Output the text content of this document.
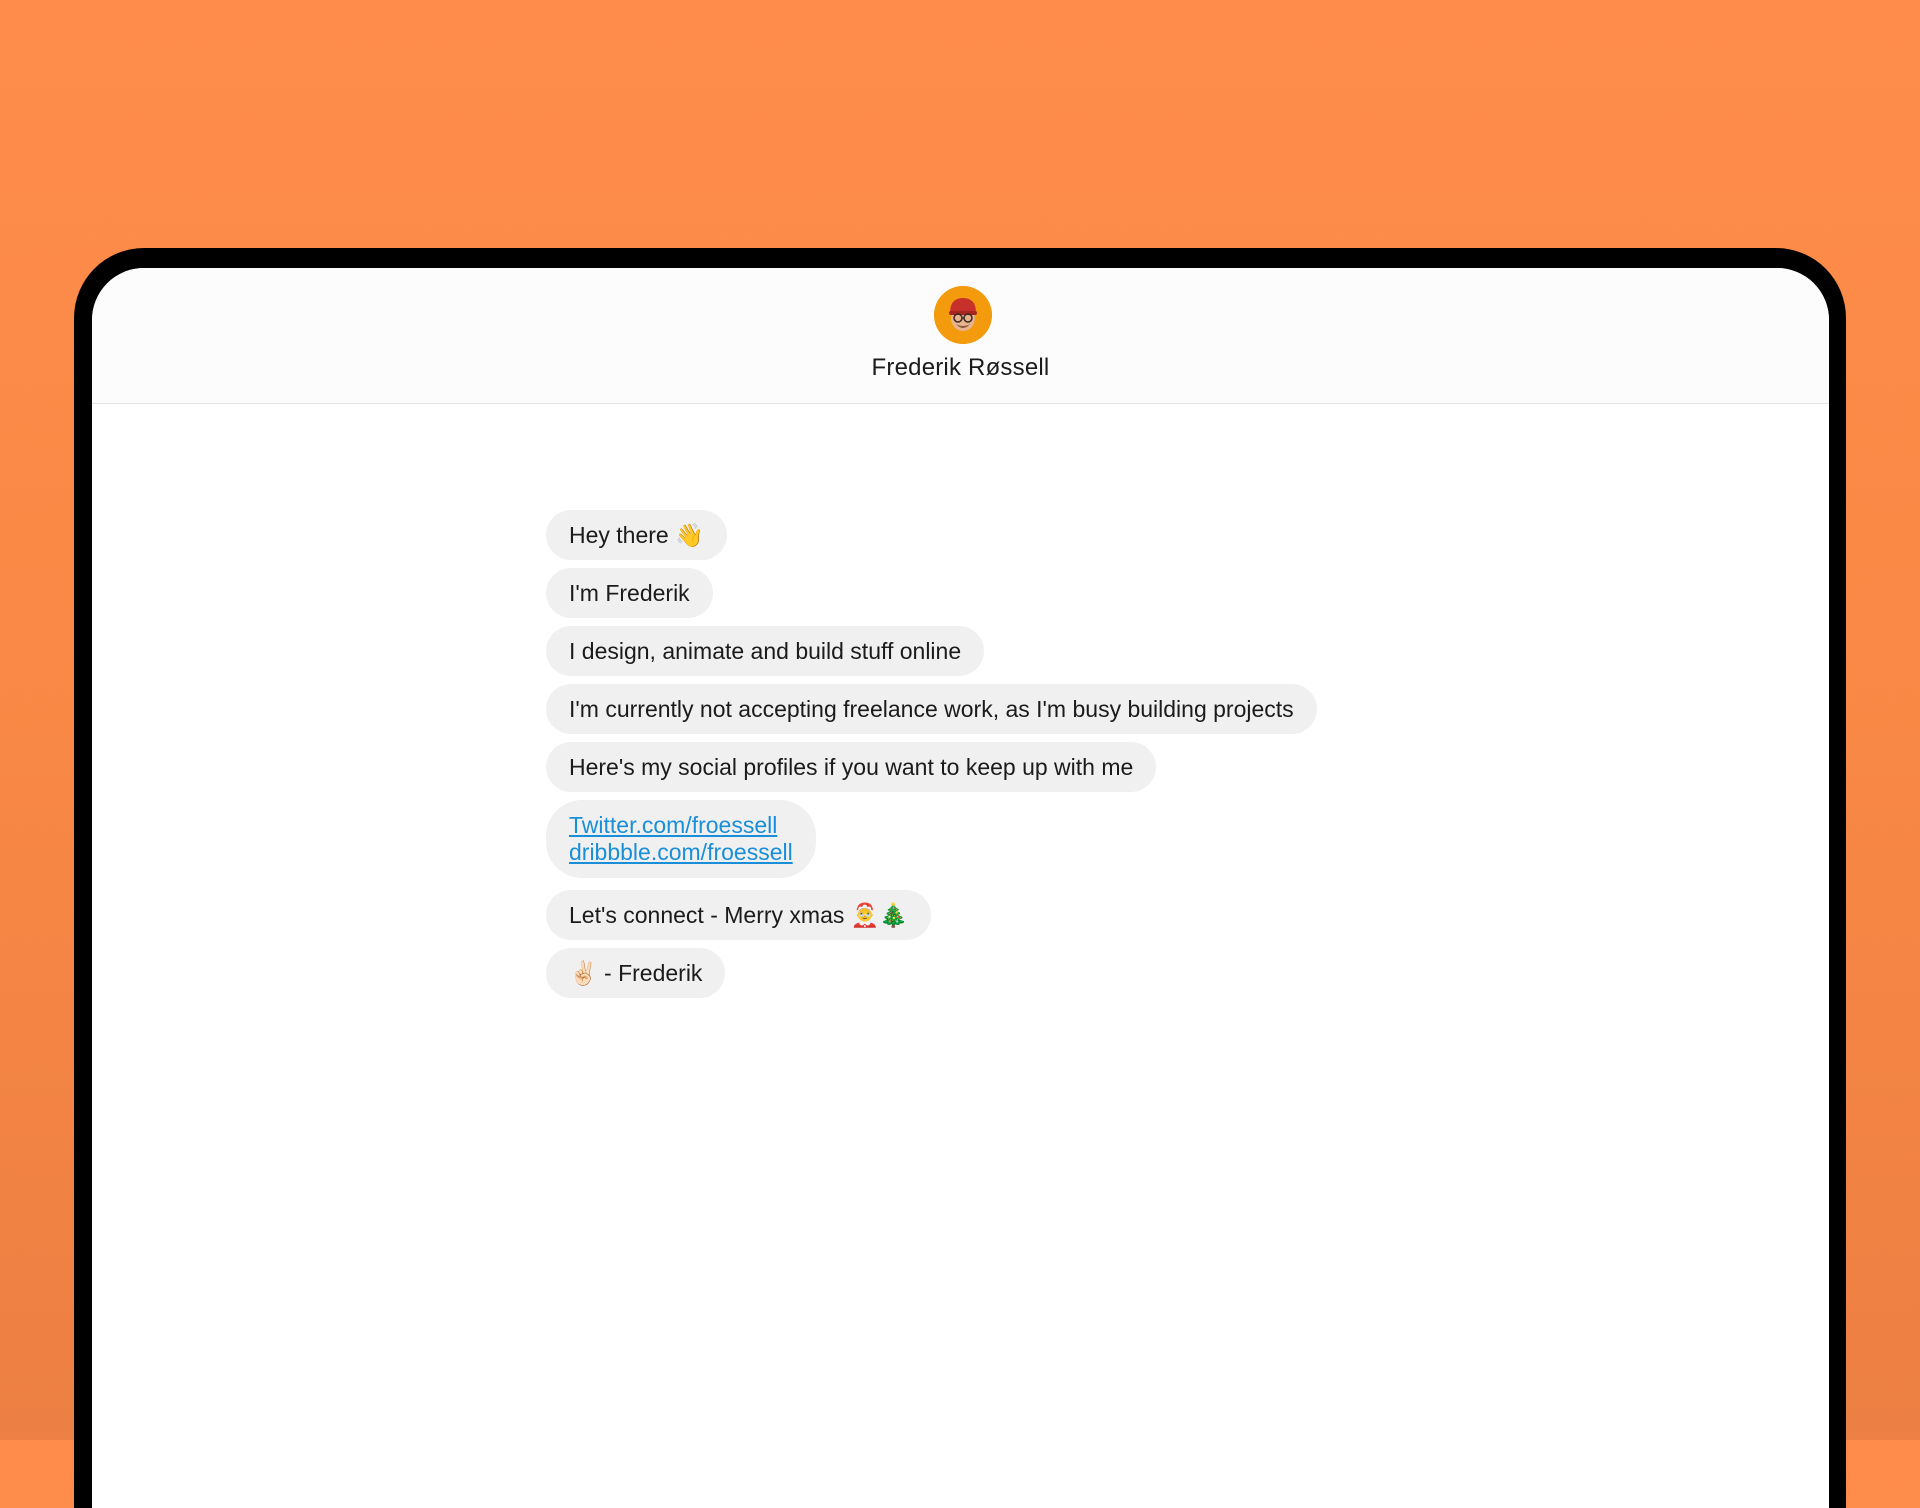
Frederik Røssell
Hey there 👋
I'm Frederik
I design, animate and build stuff online
I'm currently not accepting freelance work, as I'm busy building projects
Here's my social profiles if you want to keep up with me
Twitter.com/froessell
dribbble.com/froessell
Let's connect - Merry xmas 🤶🎄
✌🏻 - Frederik
